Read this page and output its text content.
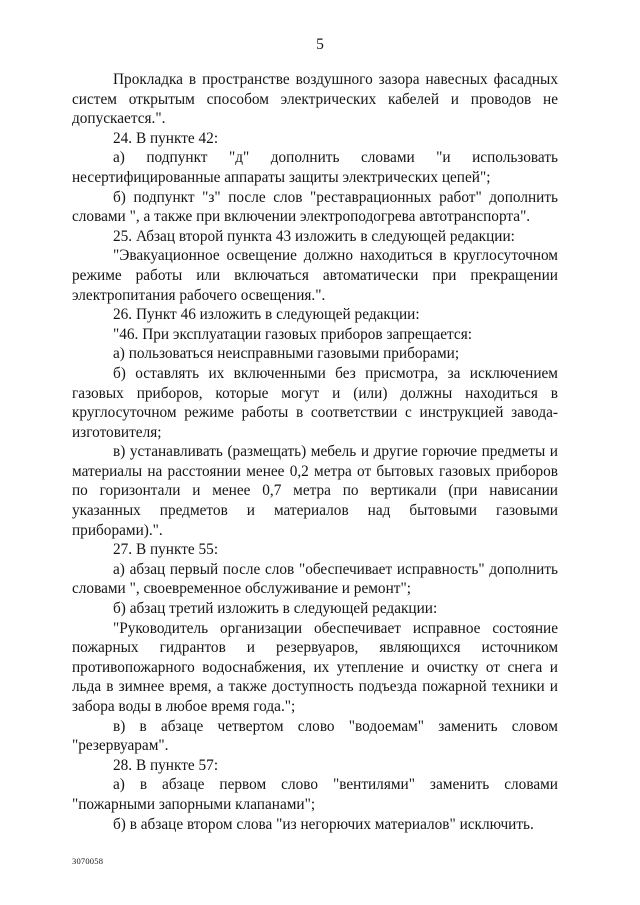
5

Прокладка в пространстве воздушного зазора навесных фасадных систем открытым способом электрических кабелей и проводов не допускается.".

24. В пункте 42:

а) подпункт "д" дополнить словами "и использовать несертифицированные аппараты защиты электрических цепей";

б) подпункт "з" после слов "реставрационных работ" дополнить словами ", а также при включении электроподогрева автотранспорта".

25. Абзац второй пункта 43 изложить в следующей редакции:

"Эвакуационное освещение должно находиться в круглосуточном режиме работы или включаться автоматически при прекращении электропитания рабочего освещения.".

26. Пункт 46 изложить в следующей редакции:

"46. При эксплуатации газовых приборов запрещается:

а) пользоваться неисправными газовыми приборами;

б) оставлять их включенными без присмотра, за исключением газовых приборов, которые могут и (или) должны находиться в круглосуточном режиме работы в соответствии с инструкцией завода-изготовителя;

в) устанавливать (размещать) мебель и другие горючие предметы и материалы на расстоянии менее 0,2 метра от бытовых газовых приборов по горизонтали и менее 0,7 метра по вертикали (при нависании указанных предметов и материалов над бытовыми газовыми приборами).".

27. В пункте 55:

а) абзац первый после слов "обеспечивает исправность" дополнить словами ", своевременное обслуживание и ремонт";

б) абзац третий изложить в следующей редакции:

"Руководитель организации обеспечивает исправное состояние пожарных гидрантов и резервуаров, являющихся источником противопожарного водоснабжения, их утепление и очистку от снега и льда в зимнее время, а также доступность подъезда пожарной техники и забора воды в любое время года.";

в) в абзаце четвертом слово "водоемам" заменить словом "резервуарам".

28. В пункте 57:

а) в абзаце первом слово "вентилями" заменить словами "пожарными запорными клапанами";

б) в абзаце втором слова "из негорючих материалов" исключить.

3070058
